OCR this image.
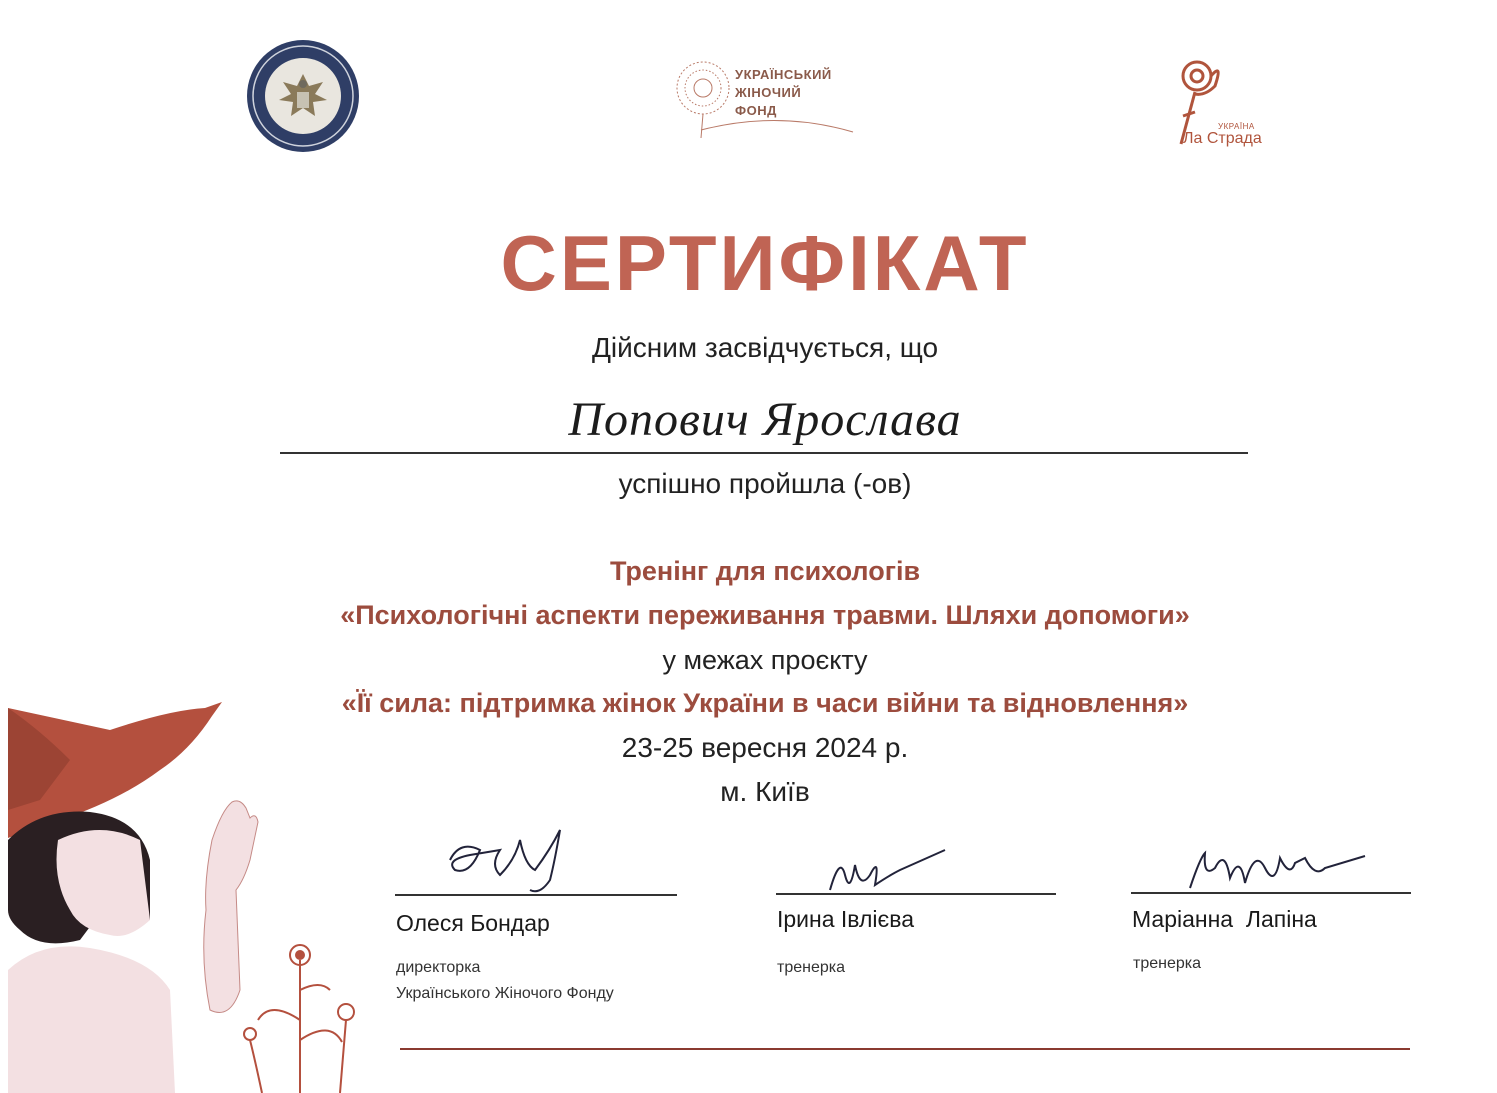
УКРАЇНСЬКИЙ
ЖІНОЧИЙ
ФОНД
УКРАЇНА
Ла Страда
СЕРТИФІКАТ
Дійсним засвідчується, що
Попович Ярослава
успішно пройшла (-ов)
Тренінг для психологів
«Психологічні аспекти переживання травми. Шляхи допомоги»
у межах проєкту
«Її сила: підтримка жінок України в часи війни та відновлення»
23-25 вересня 2024 р.
м. Київ
Олеся Бондар
директорка
Українського Жіночого Фонду
Ірина Івлієва
тренерка
Маріанна  Лапіна
тренерка
